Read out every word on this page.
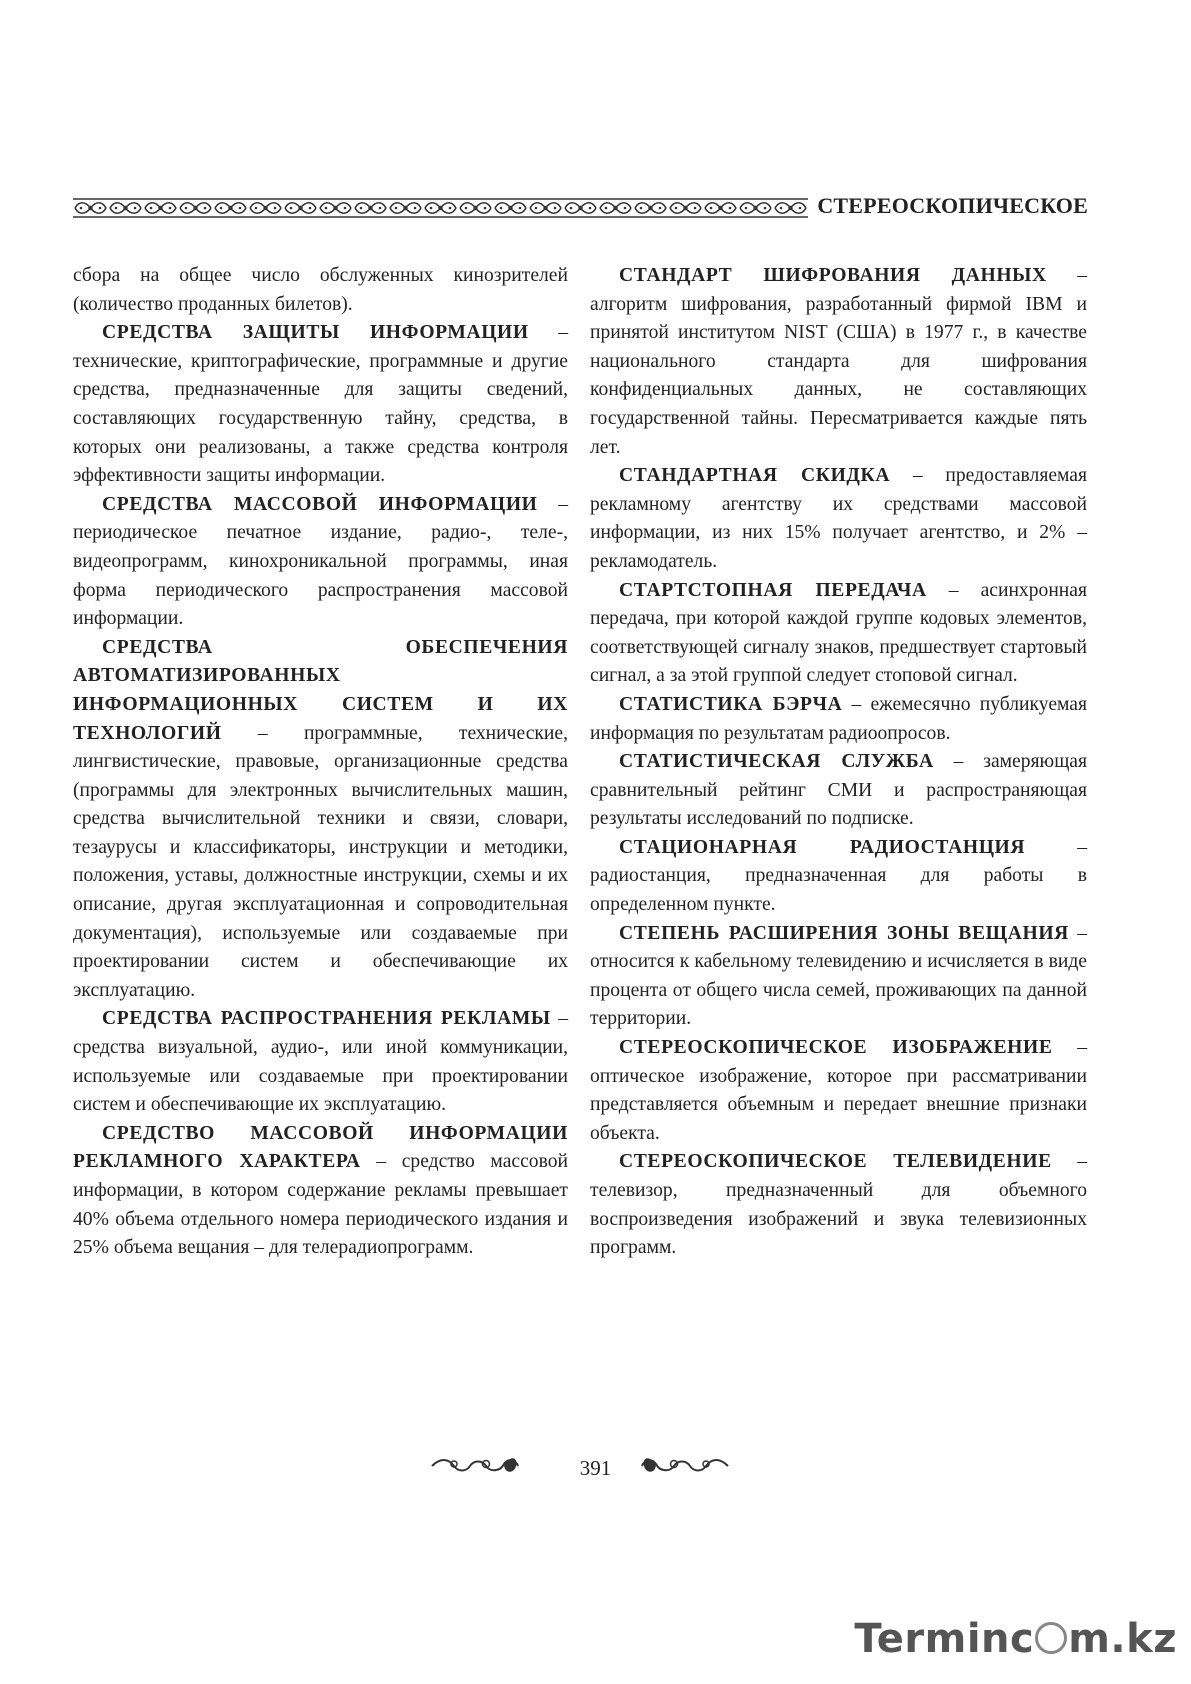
СТЕРЕОСКОПИЧЕСКОЕ

сбора на общее число обслуженных кинозрителей (количество проданных билетов).

СРЕДСТВА ЗАЩИТЫ ИНФОРМАЦИИ – технические, криптографические, программные и другие средства, предназначенные для защиты сведений, составляющих государственную тайну, средства, в которых они реализованы, а также средства контроля эффективности защиты информации.

СРЕДСТВА МАССОВОЙ ИНФОРМАЦИИ – периодическое печатное издание, радио-, теле-, видеопрограмм, кинохроникальной программы, иная форма периодического распространения массовой информации.

СРЕДСТВА ОБЕСПЕЧЕНИЯ АВТОМАТИЗИРОВАННЫХ ИНФОРМАЦИОННЫХ СИСТЕМ И ИХ ТЕХНОЛОГИЙ – программные, технические, лингвистические, правовые, организационные средства (программы для электронных вычислительных машин, средства вычислительной техники и связи, словари, тезаурусы и классификаторы, инструкции и методики, положения, уставы, должностные инструкции, схемы и их описание, другая эксплуатационная и сопроводительная документация), используемые или создаваемые при проектировании систем и обеспечивающие их эксплуатацию.

СРЕДСТВА РАСПРОСТРАНЕНИЯ РЕКЛАМЫ – средства визуальной, аудио-, или иной коммуникации, используемые или создаваемые при проектировании систем и обеспечивающие их эксплуатацию.

СРЕДСТВО МАССОВОЙ ИНФОРМАЦИИ РЕКЛАМНОГО ХАРАКТЕРА – средство массовой информации, в котором содержание рекламы превышает 40% объема отдельного номера периодического издания и 25% объема вещания – для телерадиопрограмм.

СТАНДАРТ ШИФРОВАНИЯ ДАННЫХ – алгоритм шифрования, разработанный фирмой IBM и принятой институтом NIST (США) в 1977 г., в качестве национального стандарта для шифрования конфиденциальных данных, не составляющих государственной тайны. Пересматривается каждые пять лет.

СТАНДАРТНАЯ СКИДКА – предоставляемая рекламному агентству их средствами массовой информации, из них 15% получает агентство, и 2% – рекламодатель.

СТАРТСТОПНАЯ ПЕРЕДАЧА – асинхронная передача, при которой каждой группе кодовых элементов, соответствующей сигналу знаков, предшествует стартовый сигнал, а за этой группой следует стоповой сигнал.

СТАТИСТИКА БЭРЧА – ежемесячно публикуемая информация по результатам радиоопросов.

СТАТИСТИЧЕСКАЯ СЛУЖБА – замеряющая сравнительный рейтинг СМИ и распространяющая результаты исследований по подписке.

СТАЦИОНАРНАЯ РАДИОСТАНЦИЯ – радиостанция, предназначенная для работы в определенном пункте.

СТЕПЕНЬ РАСШИРЕНИЯ ЗОНЫ ВЕЩАНИЯ – относится к кабельному телевидению и исчисляется в виде процента от общего числа семей, проживающих па данной территории.

СТЕРЕОСКОПИЧЕСКОЕ ИЗОБРАЖЕНИЕ – оптическое изображение, которое при рассматривании представляется объемным и передает внешние признаки объекта.

СТЕРЕОСКОПИЧЕСКОЕ ТЕЛЕВИДЕНИЕ – телевизор, предназначенный для объемного воспроизведения изображений и звука телевизионных программ.

391
Terminc m.kz
